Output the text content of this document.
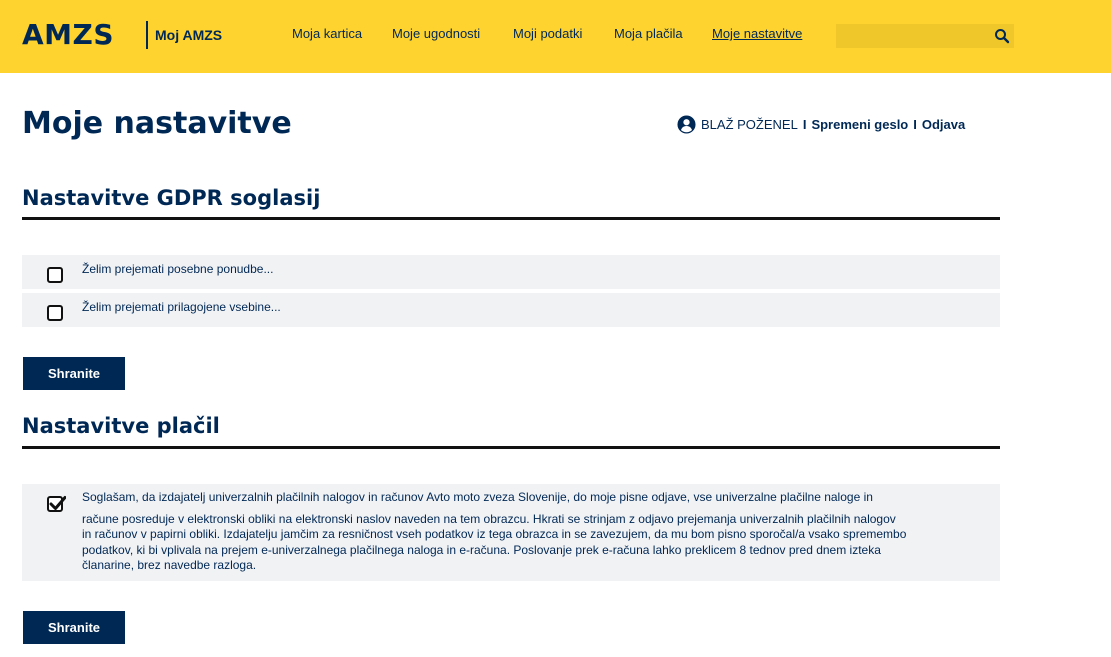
AMZS	Moj AMZS	Moja kartica Moje ugodnosti	Moji podatki Moja plačila Moje nastavitve
Moje nastavitve	BLAŽ POŽENEL I Spremeni geslo I Odjava
Nastavitve GDPR soglasij
Želim prejemati posebne ponudbe...
Želim prejemati prilagojene vsebine...
Shranite
Nastavitve plačil
Soglašam, da izdajatelj univerzalnih plačilnih nalogov in računov Avto moto zveza Slovenije, do moje pisne odjave, vse univerzalne plačilne naloge in
račune posreduje v elektronski obliki na elektronski naslov naveden na tem obrazcu. Hkrati se strinjam z odjavo prejemanja univerzalnih plačilnih nalogov
in računov v papirni obliki. Izdajatelju jamčim za resničnost vseh podatkov iz tega obrazca in se zavezujem, da mu bom pisno sporočal/a vsako spremembo
podatkov, ki bi vplivala na prejem e-univerzalnega plačilnega naloga in e-računa. Poslovanje prek e-računa lahko preklicem 8 tednov pred dnem izteka
članarine, brez navedbe razloga.
Shranite
